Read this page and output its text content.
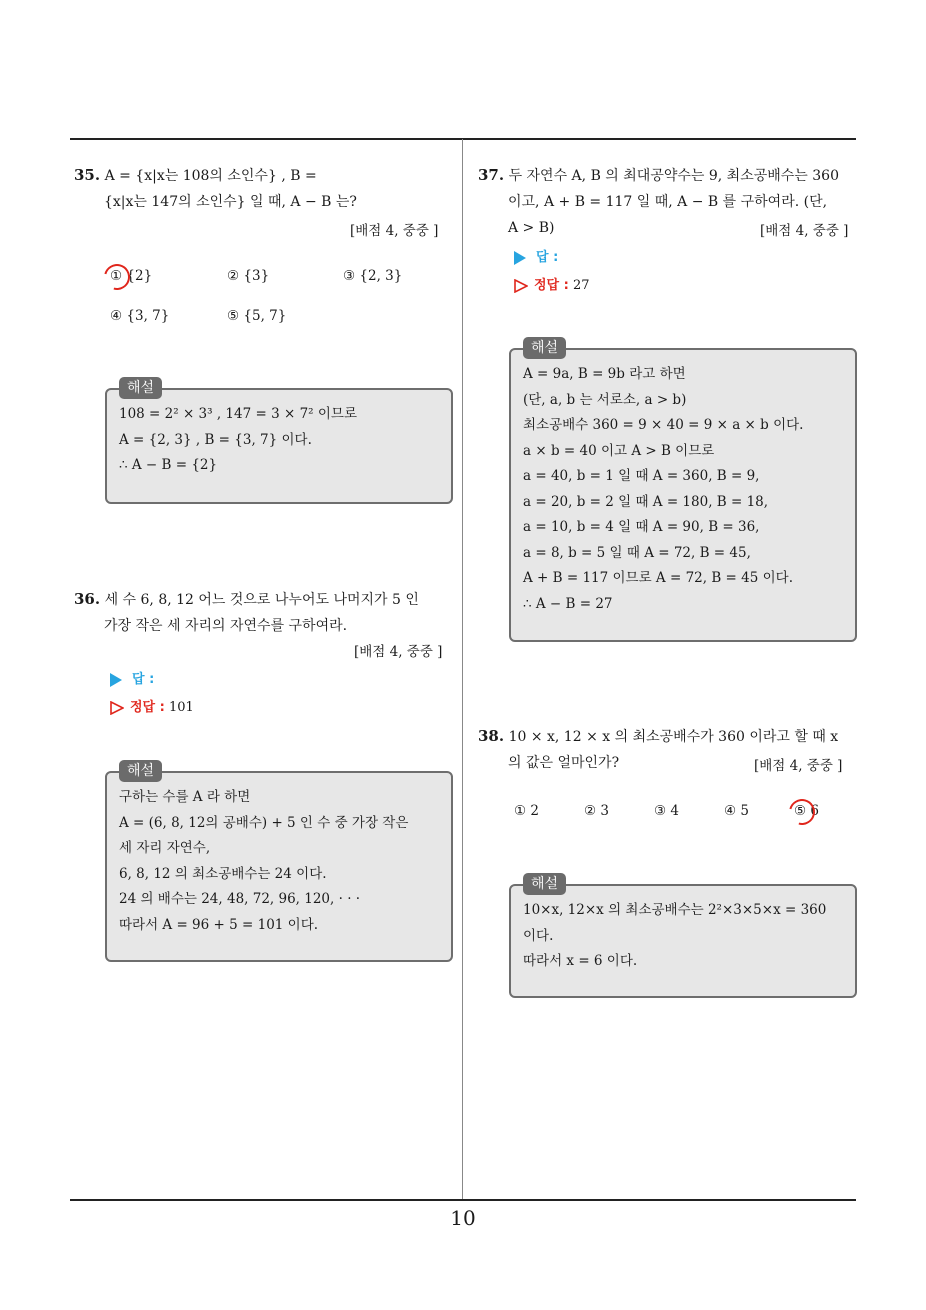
10
35. A = {x|x는 108의 소인수} , B =
{x|x는 147의 소인수} 일 때, A − B 는?
[배점 4, 중중 ]
① {2}	② {3}	③ {2, 3}
④ {3, 7}	⑤ {5, 7}
해설
108 = 2² × 3³ , 147 = 3 × 7² 이므로
A = {2, 3} , B = {3, 7} 이다.
∴ A − B = {2}
36. 세 수 6, 8, 12 어느 것으로 나누어도 나머지가 5 인
가장 작은 세 자리의 자연수를 구하여라.
[배점 4, 중중 ]
답 :
정답 : 101
해설
구하는 수를 A 라 하면
A = (6, 8, 12의 공배수) + 5 인 수 중 가장 작은
세 자리 자연수,
6, 8, 12 의 최소공배수는 24 이다.
24 의 배수는 24, 48, 72, 96, 120, · · ·
따라서 A = 96 + 5 = 101 이다.
37. 두 자연수 A, B 의 최대공약수는 9, 최소공배수는 360
이고, A + B = 117 일 때, A − B 를 구하여라. (단,
A > B)	[배점 4, 중중 ]
답 :
정답 : 27
해설
A = 9a, B = 9b 라고 하면
(단, a, b 는 서로소, a > b)
최소공배수 360 = 9 × 40 = 9 × a × b 이다.
a × b = 40 이고 A > B 이므로
a = 40, b = 1 일 때 A = 360, B = 9,
a = 20, b = 2 일 때 A = 180, B = 18,
a = 10, b = 4 일 때 A = 90, B = 36,
a = 8, b = 5 일 때 A = 72, B = 45,
A + B = 117 이므로 A = 72, B = 45 이다.
∴ A − B = 27
38. 10 × x, 12 × x 의 최소공배수가 360 이라고 할 때 x
의 값은 얼마인가?	[배점 4, 중중 ]
① 2	② 3	③ 4	④ 5	⑤ 6
해설
10×x, 12×x 의 최소공배수는 2²×3×5×x = 360
이다.
따라서 x = 6 이다.
